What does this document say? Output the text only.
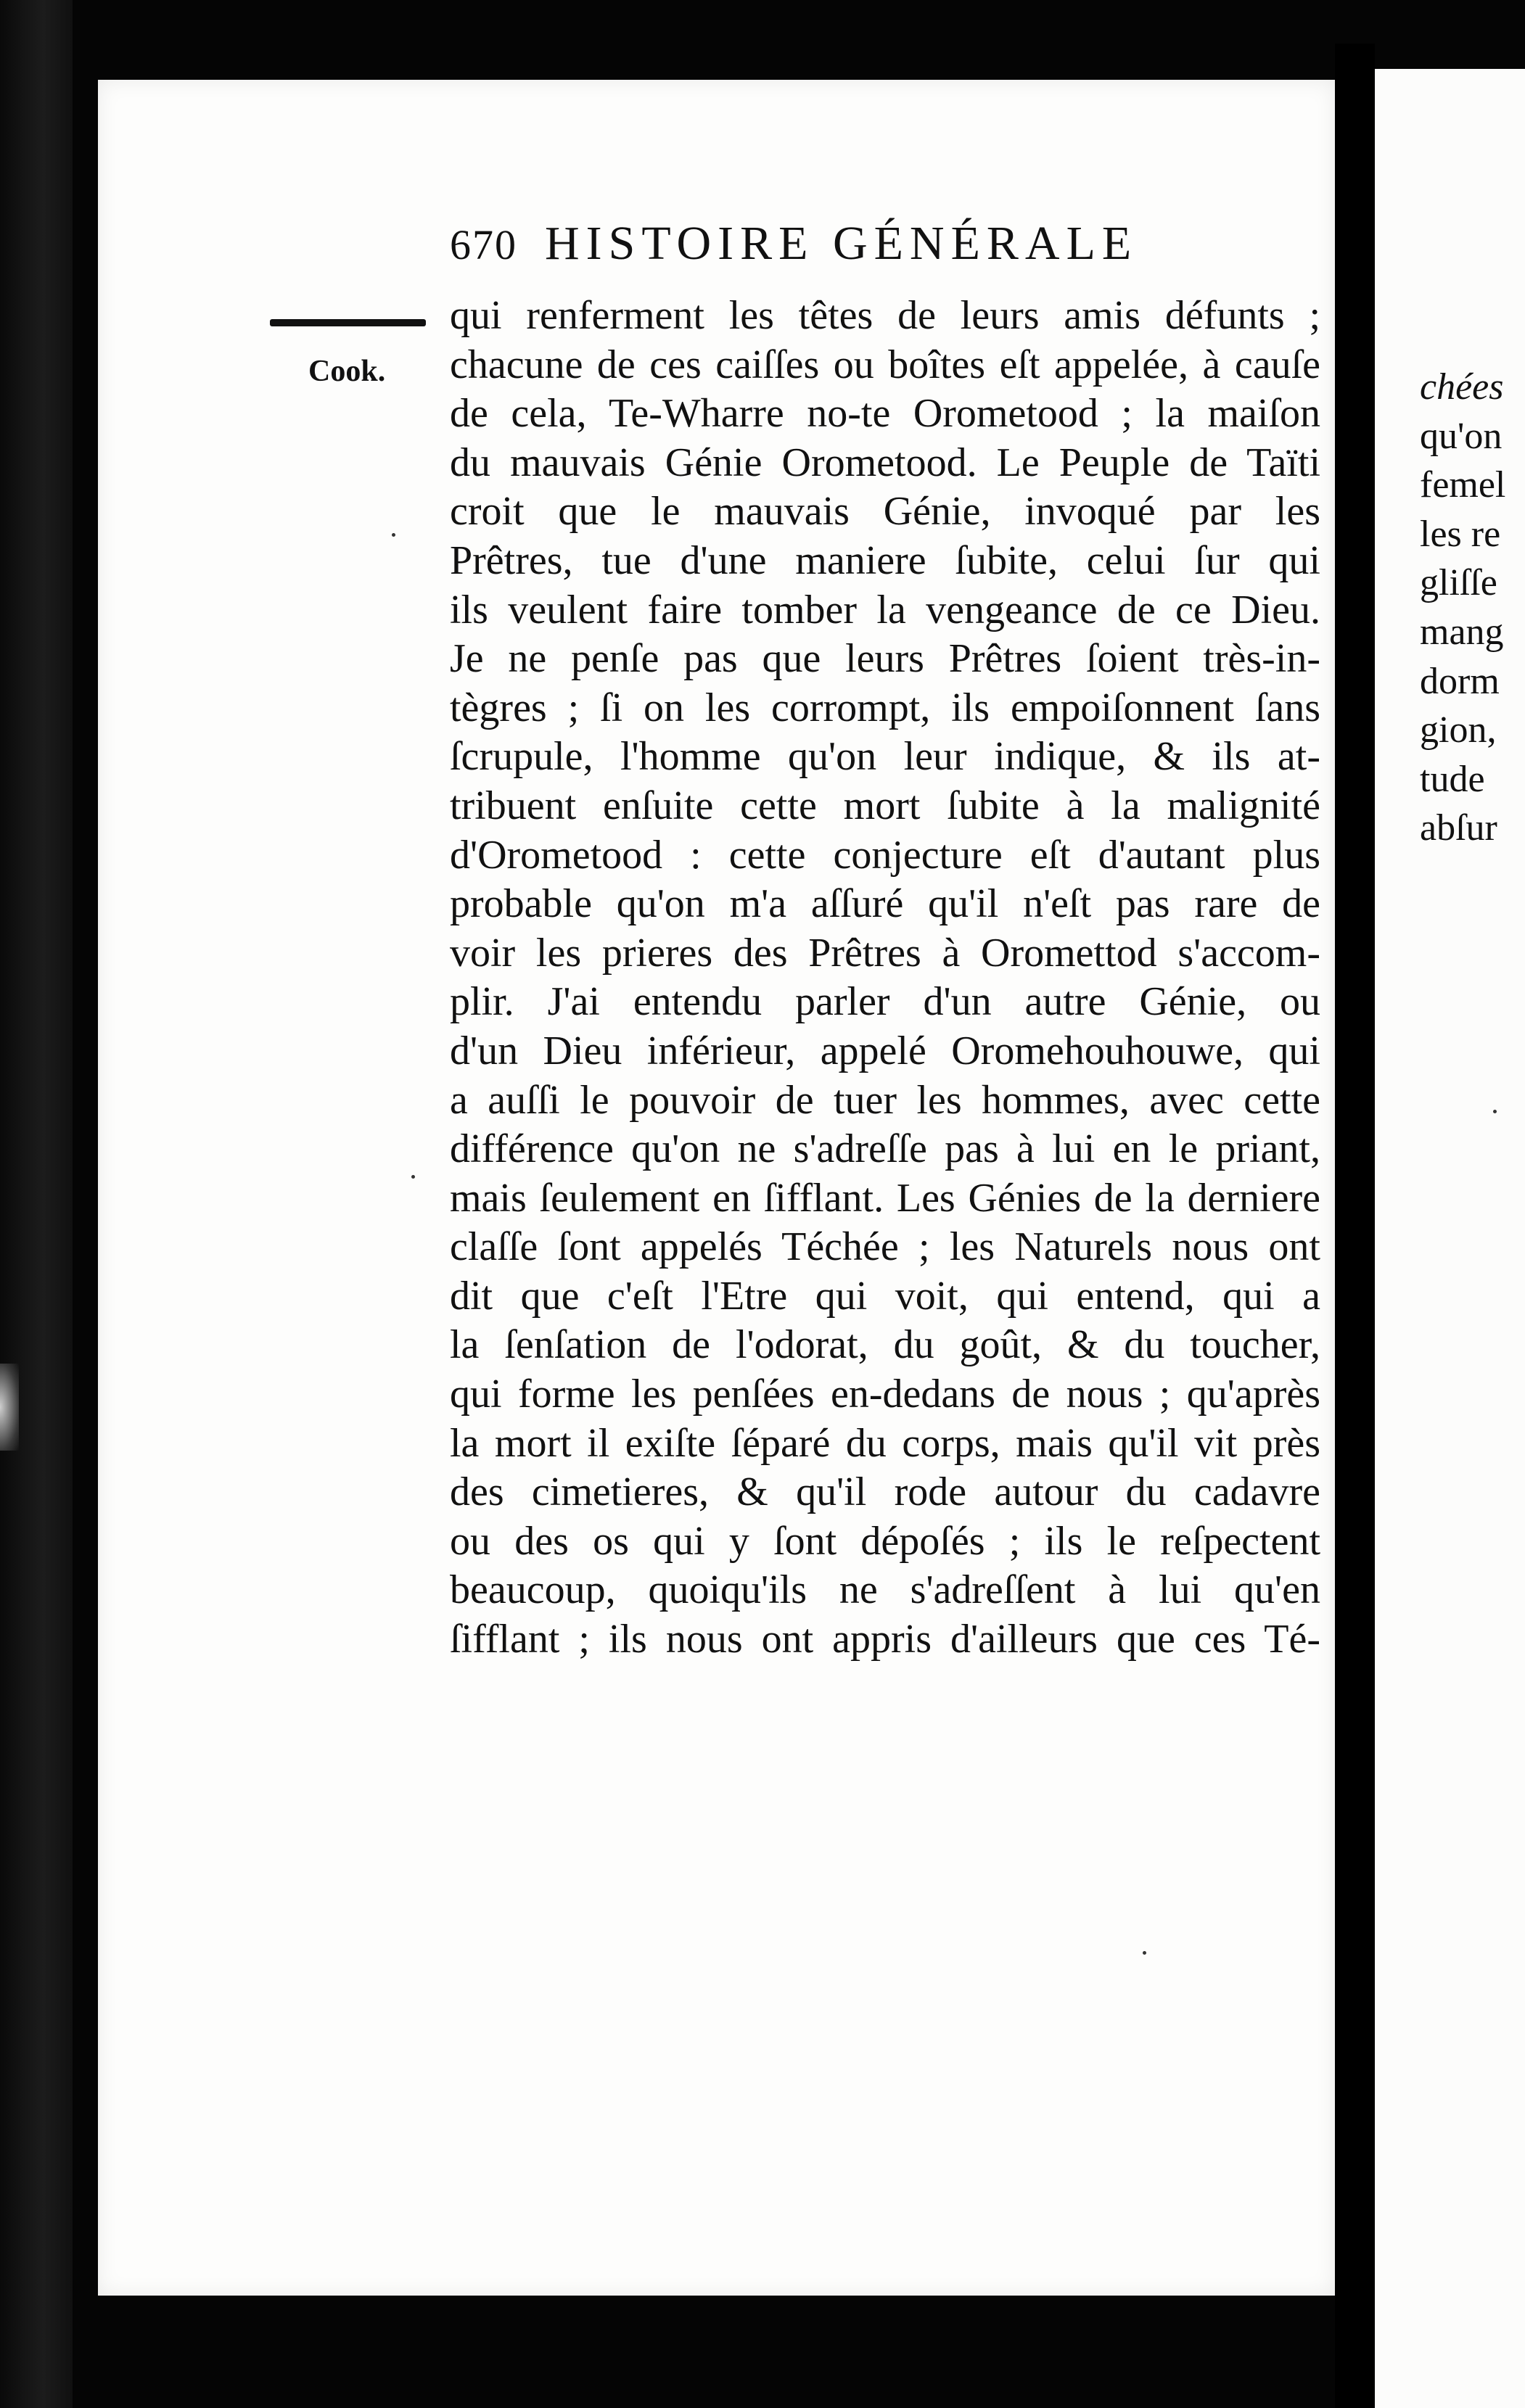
chées
qu'on
femel
les re
gliſſe
mang
dorm
gion,
tude
abſur
670 HISTOIRE GÉNÉRALE
Cook.
qui renferment les têtes de leurs amis défunts ;
chacune de ces caiſſes ou boîtes eſt appelée, à cauſe
de cela, Te-Wharre no-te Orometood ; la maiſon
du mauvais Génie Orometood. Le Peuple de Taïti
croit que le mauvais Génie, invoqué par les
Prêtres, tue d'une maniere ſubite, celui ſur qui
ils veulent faire tomber la vengeance de ce Dieu.
Je ne penſe pas que leurs Prêtres ſoient très-in-
tègres ; ſi on les corrompt, ils empoiſonnent ſans
ſcrupule, l'homme qu'on leur indique, & ils at-
tribuent enſuite cette mort ſubite à la malignité
d'Orometood : cette conjecture eſt d'autant plus
probable qu'on m'a aſſuré qu'il n'eſt pas rare de
voir les prieres des Prêtres à Oromettod s'accom-
plir. J'ai entendu parler d'un autre Génie, ou
d'un Dieu inférieur, appelé Oromehouhouwe, qui
a auſſi le pouvoir de tuer les hommes, avec cette
différence qu'on ne s'adreſſe pas à lui en le priant,
mais ſeulement en ſifflant. Les Génies de la derniere
claſſe ſont appelés Téchée ; les Naturels nous ont
dit que c'eſt l'Etre qui voit, qui entend, qui a
la ſenſation de l'odorat, du goût, & du toucher,
qui forme les penſées en-dedans de nous ; qu'après
la mort il exiſte ſéparé du corps, mais qu'il vit près
des cimetieres, & qu'il rode autour du cadavre
ou des os qui y ſont dépoſés ; ils le reſpectent
beaucoup, quoiqu'ils ne s'adreſſent à lui qu'en
ſifflant ; ils nous ont appris d'ailleurs que ces Té-
